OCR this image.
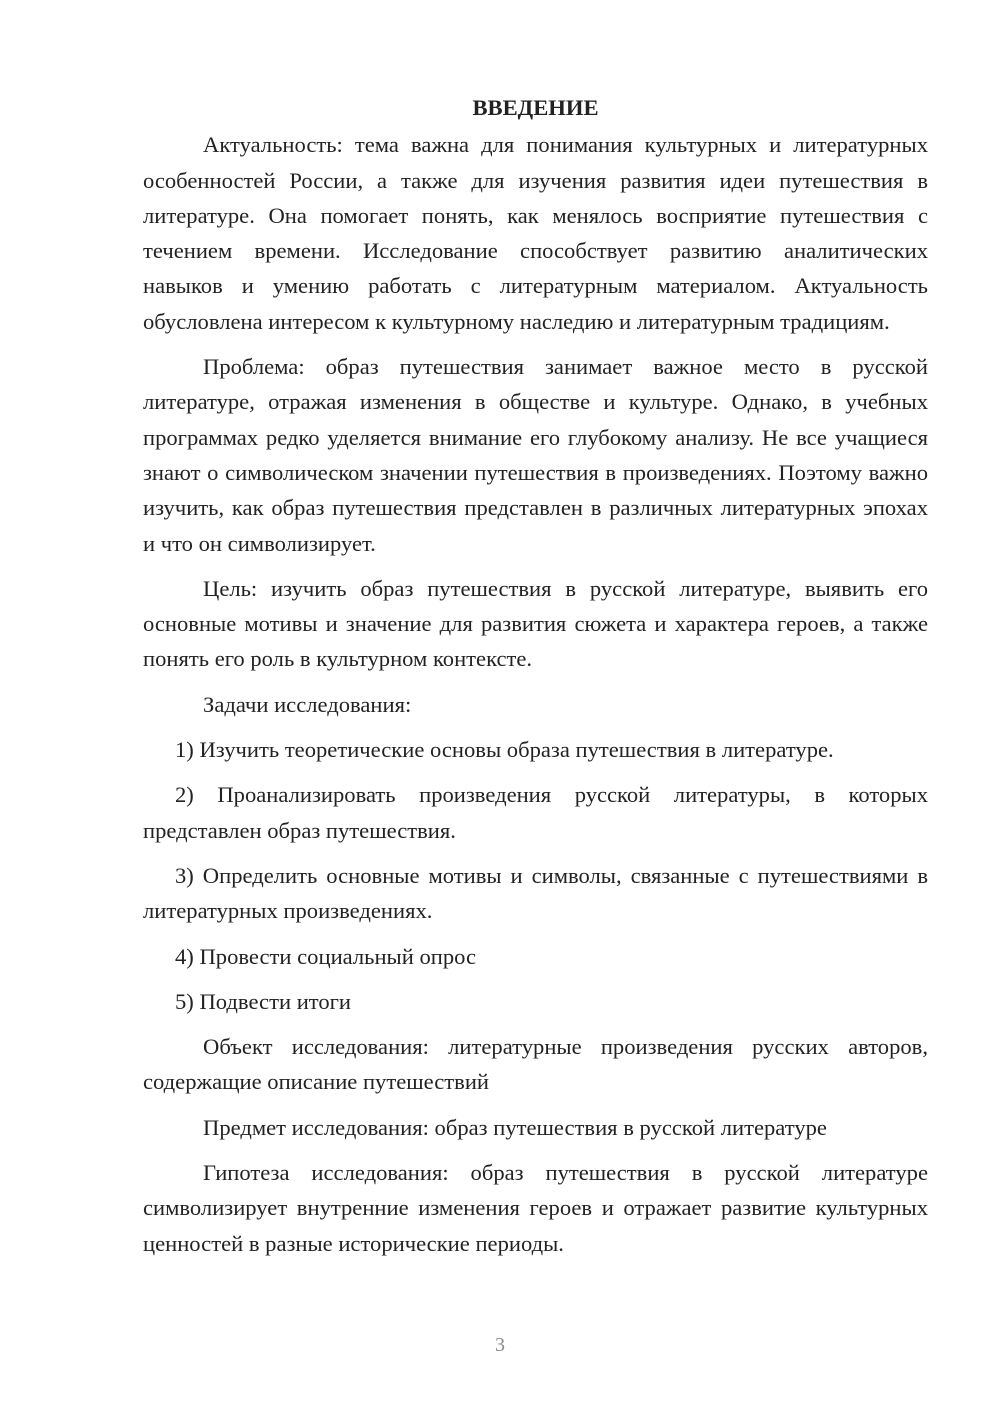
ВВЕДЕНИЕ

Актуальность: тема важна для понимания культурных и литературных особенностей России, а также для изучения развития идеи путешествия в литературе. Она помогает понять, как менялось восприятие путешествия с течением времени. Исследование способствует развитию аналитических навыков и умению работать с литературным материалом. Актуальность обусловлена интересом к культурному наследию и литературным традициям.

Проблема: образ путешествия занимает важное место в русской литературе, отражая изменения в обществе и культуре. Однако, в учебных программах редко уделяется внимание его глубокому анализу. Не все учащиеся знают о символическом значении путешествия в произведениях. Поэтому важно изучить, как образ путешествия представлен в различных литературных эпохах и что он символизирует.

Цель: изучить образ путешествия в русской литературе, выявить его основные мотивы и значение для развития сюжета и характера героев, а также понять его роль в культурном контексте.

Задачи исследования:

1) Изучить теоретические основы образа путешествия в литературе.

2) Проанализировать произведения русской литературы, в которых представлен образ путешествия.

3) Определить основные мотивы и символы, связанные с путешествиями в литературных произведениях.

4) Провести социальный опрос

5) Подвести итоги

Объект исследования: литературные произведения русских авторов, содержащие описание путешествий

Предмет исследования: образ путешествия в русской литературе

Гипотеза исследования: образ путешествия в русской литературе символизирует внутренние изменения героев и отражает развитие культурных ценностей в разные исторические периоды.

3
